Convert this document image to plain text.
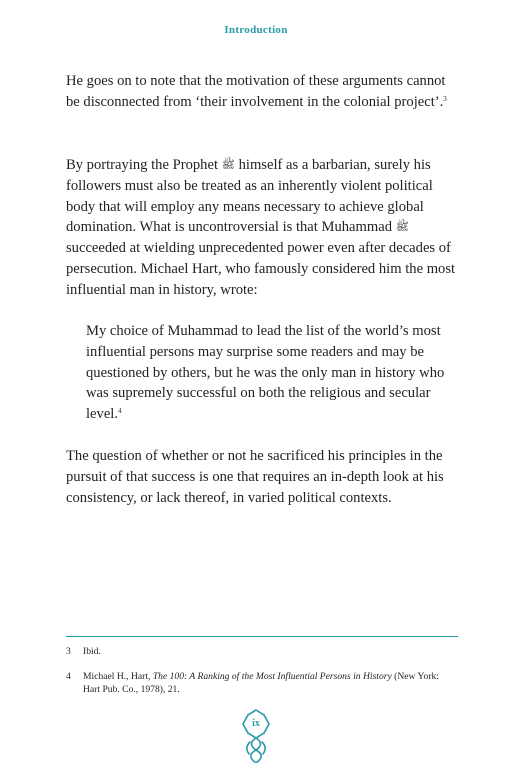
Introduction

He goes on to note that the motivation of these arguments cannot be disconnected from ‘their involvement in the colonial project’.$^3$

By portraying the Prophet ﷺ himself as a barbarian, surely his followers must also be treated as an inherently violent political body that will employ any means necessary to achieve global domination. What is uncontroversial is that Muhammad ﷺ succeeded at wielding unprecedented power even after decades of persecution. Michael Hart, who famously considered him the most influential man in history, wrote:

My choice of Muhammad to lead the list of the world’s most influential persons may surprise some readers and may be questioned by others, but he was the only man in history who was supremely successful on both the religious and secular level.$^4$

The question of whether or not he sacrificed his principles in the pursuit of that success is one that requires an in-depth look at his consistency, or lack thereof, in varied political contexts.

3 Ibid.
4 Michael H., Hart, The 100: A Ranking of the Most Influential Persons in History (New York: Hart Pub. Co., 1978), 21.
ix
